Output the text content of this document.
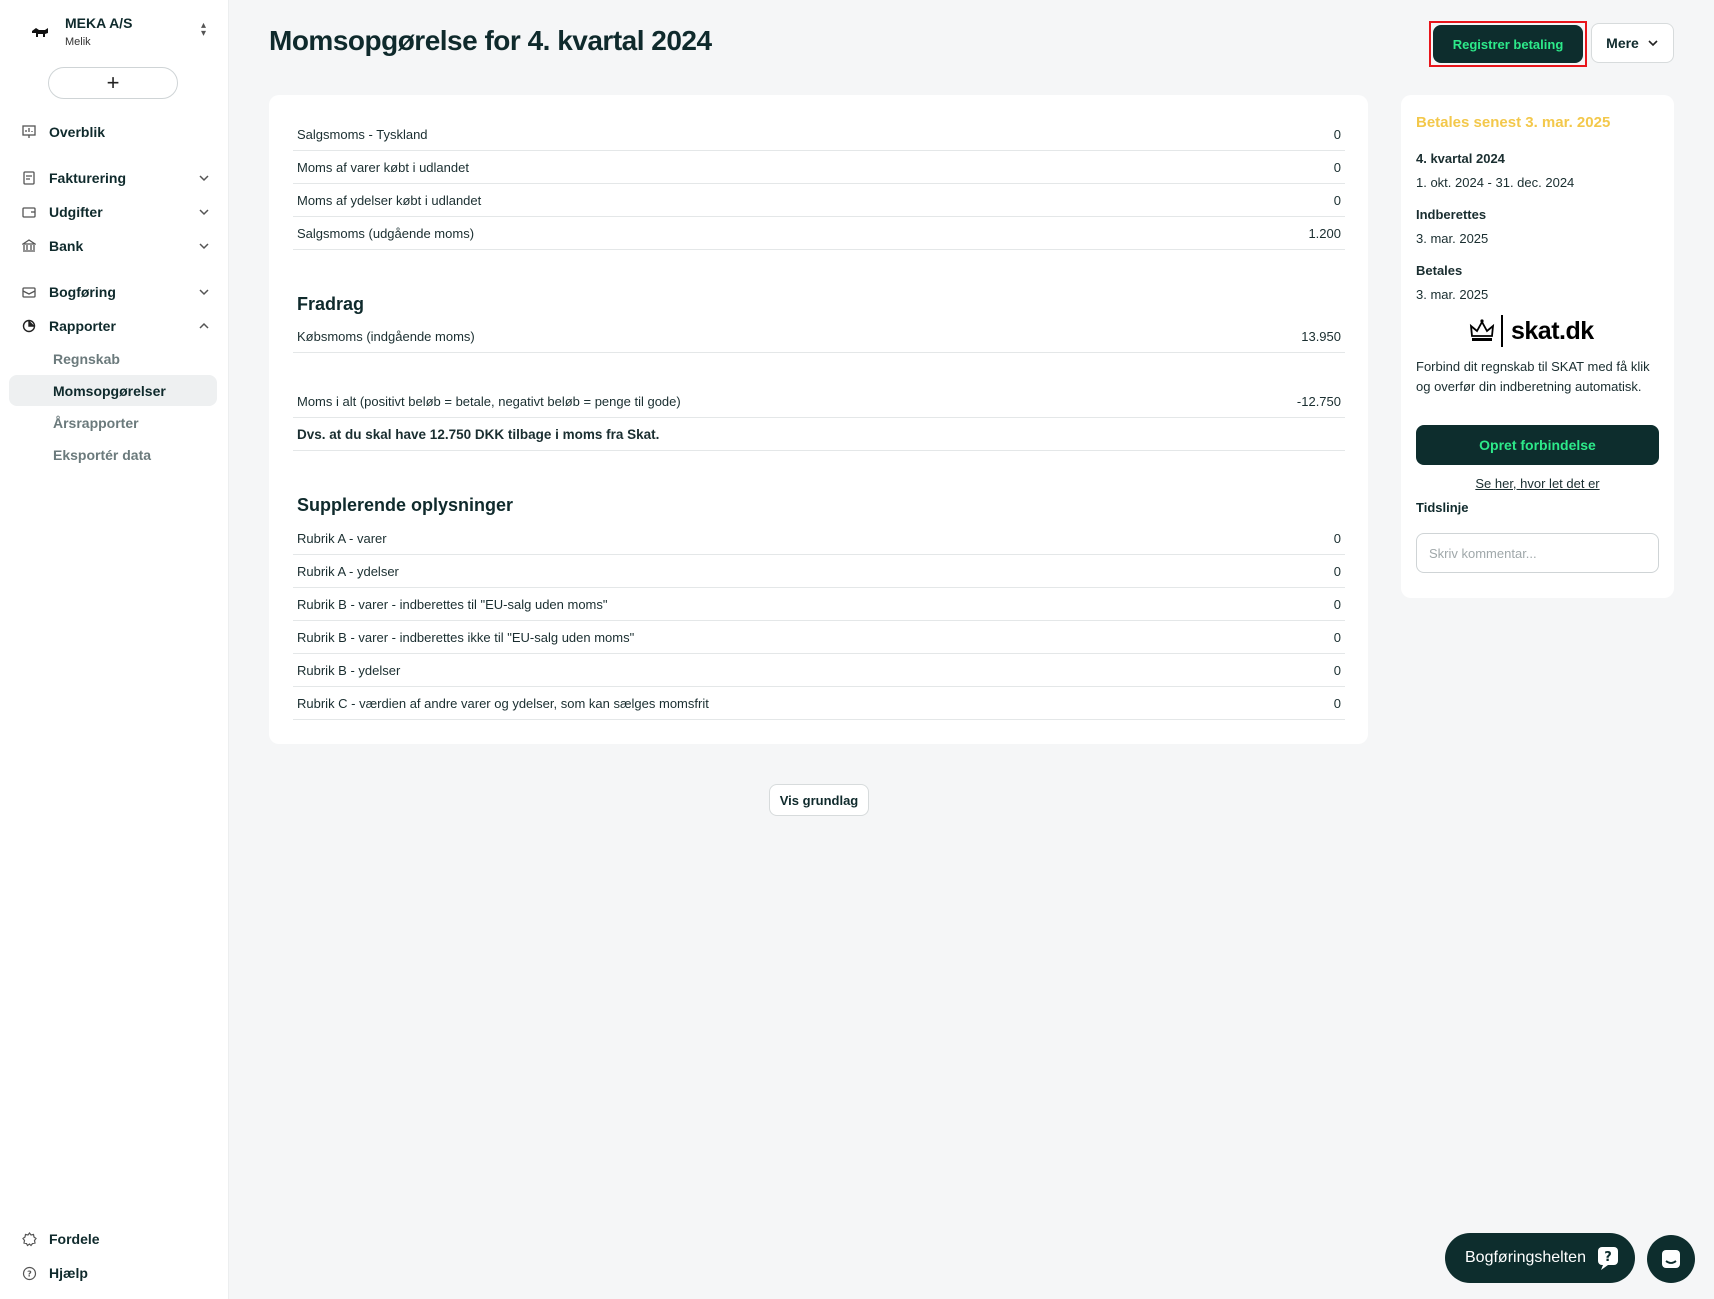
MEKA A/S
Melik
▴
▾
+
Overblik
Fakturering
Udgifter
Bank
Bogføring
Rapporter
Regnskab
Momsopgørelser
Årsrapporter
Eksportér data
Fordele
? Hjælp
Momsopgørelse for 4. kvartal 2024	Registrer betaling	Mere
Salgsmoms - Tyskland	0
Moms af varer købt i udlandet	0
Moms af ydelser købt i udlandet	0
Salgsmoms (udgående moms)	1.200
Fradrag
Købsmoms (indgående moms)	13.950
Moms i alt (positivt beløb = betale, negativt beløb = penge til gode)	-12.750
Dvs. at du skal have 12.750 DKK tilbage i moms fra Skat.
Supplerende oplysninger
Rubrik A - varer	0
Rubrik A - ydelser	0
Rubrik B - varer - indberettes til "EU-salg uden moms"	0
Rubrik B - varer - indberettes ikke til "EU-salg uden moms"	0
Rubrik B - ydelser	0
Rubrik C - værdien af andre varer og ydelser, som kan sælges momsfrit	0
Vis grundlag
Betales senest 3. mar. 2025
4. kvartal 2024
1. okt. 2024 - 31. dec. 2024
Indberettes
3. mar. 2025
Betales
3. mar. 2025
skat.dk
Forbind dit regnskab til SKAT med få klik og overfør din indberetning automatisk.
Opret forbindelse
Se her, hvor let det er
Tidslinje
Skriv kommentar...
Bogføringshelten ?
